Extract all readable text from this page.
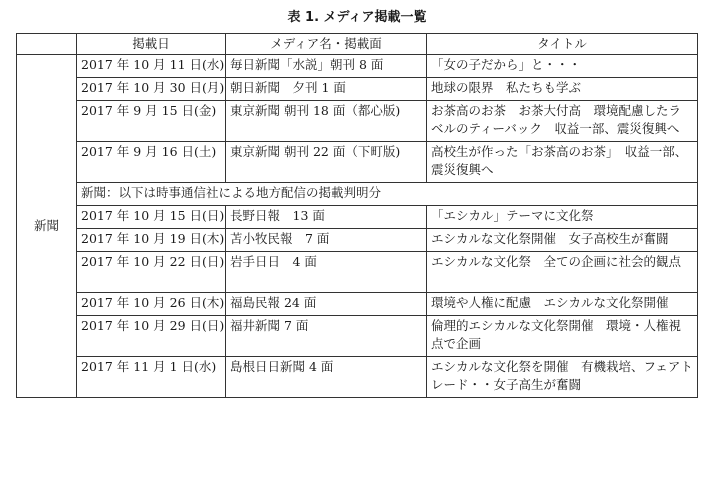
表 1. メディア掲載一覧
	掲載日	メディア名・掲載面	タイトル
新聞	2017 年 10 月 11 日(水)	毎日新聞「水説」朝刊 8 面	「女の子だから」と・・・
	2017 年 10 月 30 日(月)	朝日新聞　夕刊 1 面	地球の限界　私たちも学ぶ
	2017 年 9 月 15 日(金)	東京新聞 朝刊 18 面（都心版)	お茶高のお茶　お茶大付高　環境配慮したラベルのティーバック　収益一部、震災復興へ
	2017 年 9 月 16 日(土)	東京新聞 朝刊 22 面（下町版)	高校生が作った「お茶高のお茶」　収益一部、震災復興へ
	新聞：以下は時事通信社による地方配信の掲載判明分		
	2017 年 10 月 15 日(日)	長野日報　13 面	「エシカル」テーマに文化祭
	2017 年 10 月 19 日(木)	苫小牧民報　7 面	エシカルな文化祭開催　女子高校生が奮闘
	2017 年 10 月 22 日(日)	岩手日日　4 面	エシカルな文化祭　全ての企画に社会的観点
	2017 年 10 月 26 日(木)	福島民報 24 面	環境や人権に配慮　エシカルな文化祭開催
	2017 年 10 月 29 日(日)	福井新聞 7 面	倫理的エシカルな文化祭開催　環境・人権視点で企画
	2017 年 11 月 1 日(水)	島根日日新聞 4 面	エシカルな文化祭を開催　有機栽培、フェアトレード・・女子高生が奮闘
